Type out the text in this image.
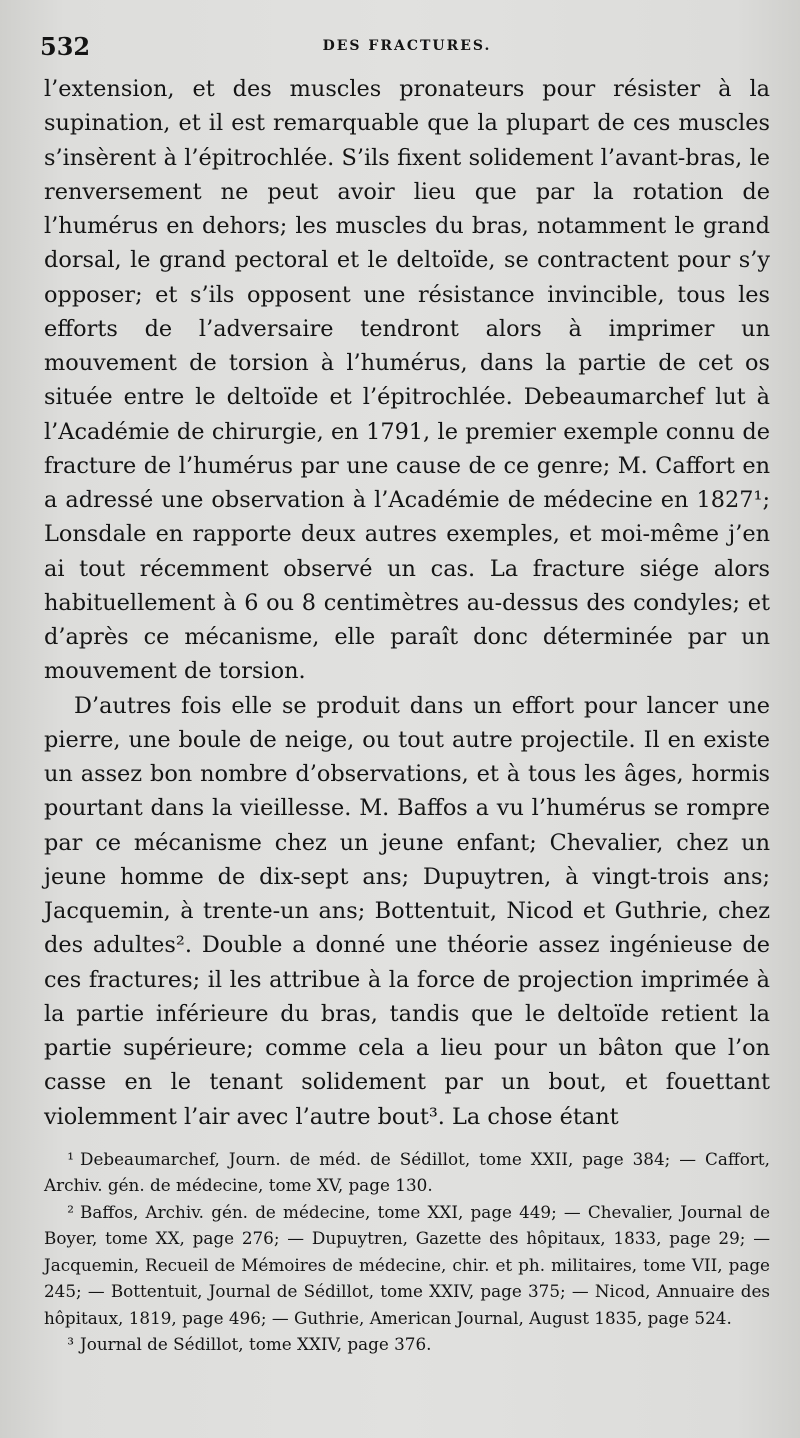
532	DES FRACTURES.

l’extension, et des muscles pronateurs pour résister à la supination, et il est remarquable que la plupart de ces muscles s’insèrent à l’épitrochlée. S’ils fixent solidement l’avant-bras, le renversement ne peut avoir lieu que par la rotation de l’humérus en dehors; les muscles du bras, notamment le grand dorsal, le grand pectoral et le deltoïde, se contractent pour s’y opposer; et s’ils opposent une résistance invincible, tous les efforts de l’adversaire tendront alors à imprimer un mouvement de torsion à l’humérus, dans la partie de cet os située entre le deltoïde et l’épitrochlée. Debeaumarchef lut à l’Académie de chirurgie, en 1791, le premier exemple connu de fracture de l’humérus par une cause de ce genre; M. Caffort en a adressé une observation à l’Académie de médecine en 1827¹; Lonsdale en rapporte deux autres exemples, et moi-même j’en ai tout récemment observé un cas. La fracture siége alors habituellement à 6 ou 8 centimètres au-dessus des condyles; et d’après ce mécanisme, elle paraît donc déterminée par un mouvement de torsion.

D’autres fois elle se produit dans un effort pour lancer une pierre, une boule de neige, ou tout autre projectile. Il en existe un assez bon nombre d’observations, et à tous les âges, hormis pourtant dans la vieillesse. M. Baffos a vu l’humérus se rompre par ce mécanisme chez un jeune enfant; Chevalier, chez un jeune homme de dix-sept ans; Dupuytren, à vingt-trois ans; Jacquemin, à trente-un ans; Bottentuit, Nicod et Guthrie, chez des adultes². Double a donné une théorie assez ingénieuse de ces fractures; il les attribue à la force de projection imprimée à la partie inférieure du bras, tandis que le deltoïde retient la partie supérieure; comme cela a lieu pour un bâton que l’on casse en le tenant solidement par un bout, et fouettant violemment l’air avec l’autre bout³. La chose étant

¹ Debeaumarchef, Journ. de méd. de Sédillot, tome XXII, page 384; — Caffort, Archiv. gén. de médecine, tome XV, page 130.

² Baffos, Archiv. gén. de médecine, tome XXI, page 449; — Chevalier, Journal de Boyer, tome XX, page 276; — Dupuytren, Gazette des hôpitaux, 1833, page 29; — Jacquemin, Recueil de Mémoires de médecine, chir. et ph. militaires, tome VII, page 245; — Bottentuit, Journal de Sédillot, tome XXIV, page 375; — Nicod, Annuaire des hôpitaux, 1819, page 496; — Guthrie, American Journal, August 1835, page 524.

³ Journal de Sédillot, tome XXIV, page 376.
